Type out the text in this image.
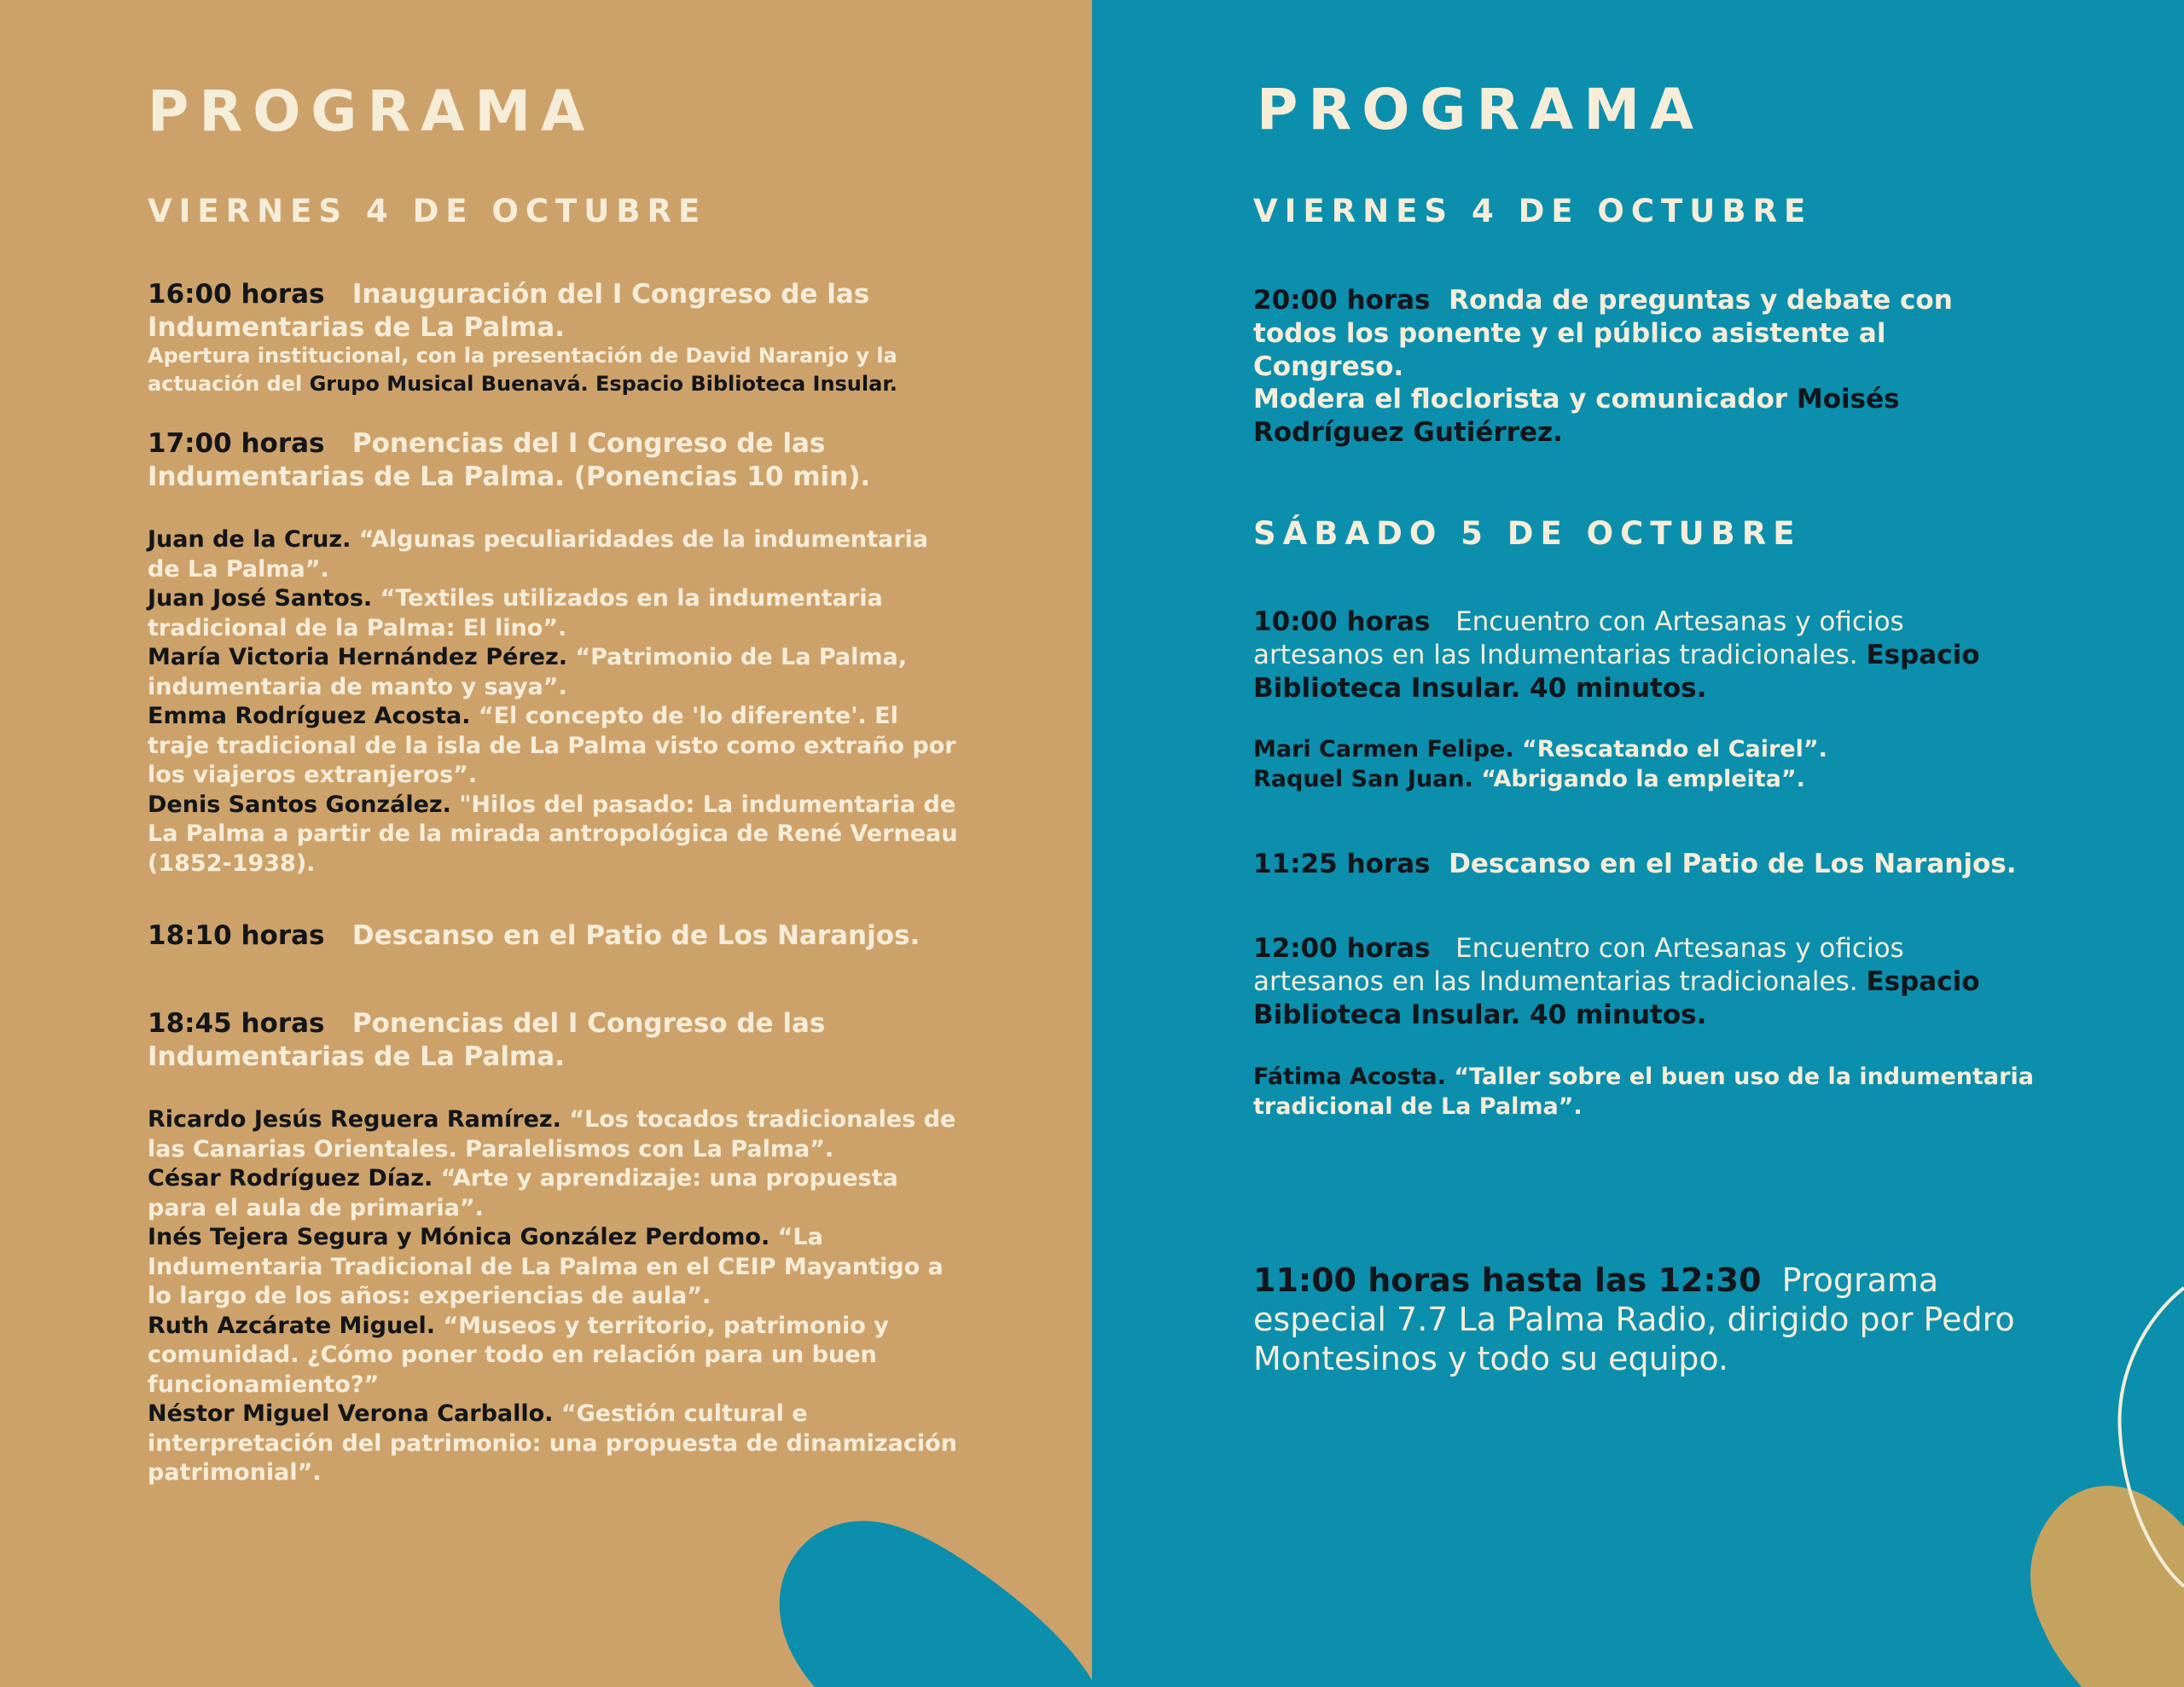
PROGRAMA
VIERNES 4 DE OCTUBRE

16:00 horas Inauguración del I Congreso de las Indumentarias de La Palma.

Apertura institucional, con la presentación de David Naranjo y la actuación del Grupo Musical Buenavá. Espacio Biblioteca Insular.

17:00 horas Ponencias del I Congreso de las Indumentarias de La Palma. (Ponencias 10 min).

Juan de la Cruz. “Algunas peculiaridades de la indumentaria de La Palma”.
Juan José Santos. “Textiles utilizados en la indumentaria tradicional de la Palma: El lino”.
María Victoria Hernández Pérez. “Patrimonio de La Palma, indumentaria de manto y saya”.
Emma Rodríguez Acosta. “El concepto de 'lo diferente'. El traje tradicional de la isla de La Palma visto como extraño por los viajeros extranjeros”.
Denis Santos González. "Hilos del pasado: La indumentaria de La Palma a partir de la mirada antropológica de René Verneau (1852-1938).

18:10 horas Descanso en el Patio de Los Naranjos.

18:45 horas Ponencias del I Congreso de las Indumentarias de La Palma.

Ricardo Jesús Reguera Ramírez. “Los tocados tradicionales de las Canarias Orientales. Paralelismos con La Palma”.
César Rodríguez Díaz. “Arte y aprendizaje: una propuesta para el aula de primaria”.
Inés Tejera Segura y Mónica González Perdomo. “La Indumentaria Tradicional de La Palma en el CEIP Mayantigo a lo largo de los años: experiencias de aula”.
Ruth Azcárate Miguel. “Museos y territorio, patrimonio y comunidad. ¿Cómo poner todo en relación para un buen funcionamiento?”
Néstor Miguel Verona Carballo. “Gestión cultural e interpretación del patrimonio: una propuesta de dinamización patrimonial”.
PROGRAMA
VIERNES 4 DE OCTUBRE

20:00 horas Ronda de preguntas y debate con todos los ponente y el público asistente al Congreso.

Modera el floclorista y comunicador Moisés Rodríguez Gutiérrez.

SÁBADO 5 DE OCTUBRE

10:00 horas Encuentro con Artesanas y oficios artesanos en las Indumentarias tradicionales. Espacio Biblioteca Insular. 40 minutos.

Mari Carmen Felipe. “Rescatando el Cairel”.
Raquel San Juan. “Abrigando la empleita”.

11:25 horas Descanso en el Patio de Los Naranjos.

12:00 horas Encuentro con Artesanas y oficios artesanos en las Indumentarias tradicionales. Espacio Biblioteca Insular. 40 minutos.

Fátima Acosta. “Taller sobre el buen uso de la indumentaria tradicional de La Palma”.

11:00 horas hasta las 12:30 Programa especial 7.7 La Palma Radio, dirigido por Pedro Montesinos y todo su equipo.
